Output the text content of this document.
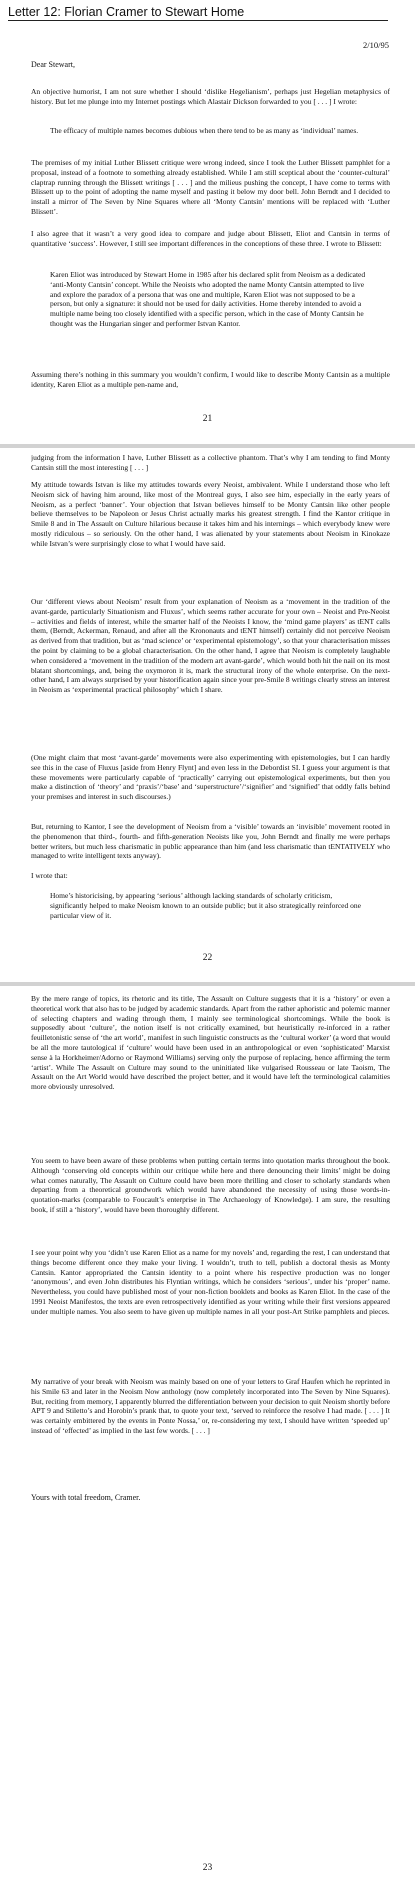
Letter 12: Florian Cramer to Stewart Home
2/10/95

Dear Stewart,

An objective humorist, I am not sure whether I should ‘dislike Hegelianism’, perhaps just Hegelian metaphysics of history. But let me plunge into my Internet postings which Alastair Dickson forwarded to you [ . . . ] I wrote:

The efficacy of multiple names becomes dubious when there tend to be as many as ‘individual’ names.

The premises of my initial Luther Blissett critique were wrong indeed, since I took the Luther Blissett pamphlet for a proposal, instead of a footnote to something already established. While I am still sceptical about the ‘counter-cultural’ claptrap running through the Blissett writings [ . . . ] and the milieus pushing the concept, I have come to terms with Blissett up to the point of adopting the name myself and pasting it below my door bell. John Berndt and I decided to install a mirror of The Seven by Nine Squares where all ‘Monty Cantsin’ mentions will be replaced with ‘Luther Blissett’.

I also agree that it wasn’t a very good idea to compare and judge about Blissett, Eliot and Cantsin in terms of quantitative ‘success’. However, I still see important differences in the conceptions of these three. I wrote to Blissett:

Karen Eliot was introduced by Stewart Home in 1985 after his declared split from Neoism as a dedicated ‘anti-Monty Cantsin’ concept. While the Neoists who adopted the name Monty Cantsin attempted to live and explore the paradox of a persona that was one and multiple, Karen Eliot was not supposed to be a person, but only a signature: it should not be used for daily activities. Home thereby intended to avoid a multiple name being too closely identified with a specific person, which in the case of Monty Cantsin he thought was the Hungarian singer and performer Istvan Kantor.

Assuming there’s nothing in this summary you wouldn’t confirm, I would like to describe Monty Cantsin as a multiple identity, Karen Eliot as a multiple pen-name and,

21

judging from the information I have, Luther Blissett as a collective phantom. That’s why I am tending to find Monty Cantsin still the most interesting [ . . . ]

My attitude towards Istvan is like my attitudes towards every Neoist, ambivalent. While I understand those who left Neoism sick of having him around, like most of the Montreal guys, I also see him, especially in the early years of Neoism, as a perfect ‘banner’. Your objection that Istvan believes himself to be Monty Cantsin like other people believe themselves to be Napoleon or Jesus Christ actually marks his greatest strength. I find the Kantor critique in Smile 8 and in The Assault on Culture hilarious because it takes him and his internings – which everybody knew were mostly ridiculous – so seriously. On the other hand, I was alienated by your statements about Neoism in Kinokaze while Istvan’s were surprisingly close to what I would have said.

Our ‘different views about Neoism’ result from your explanation of Neoism as a ‘movement in the tradition of the avant-garde, particularly Situationism and Fluxus’, which seems rather accurate for your own – Neoist and Pre-Neoist – activities and fields of interest, while the smarter half of the Neoists I know, the ‘mind game players’ as tENT calls them, (Berndt, Ackerman, Renaud, and after all the Krononauts and tENT himself) certainly did not perceive Neoism as derived from that tradition, but as ‘mad science’ or ‘experimental epistemology’, so that your characterisation misses the point by claiming to be a global characterisation. On the other hand, I agree that Neoism is completely laughable when considered a ‘movement in the tradition of the modern art avant-garde’, which would both hit the nail on its most blatant shortcomings, and, being the oxymoron it is, mark the structural irony of the whole enterprise. On the next-other hand, I am always surprised by your historification again since your pre-Smile 8 writings clearly stress an interest in Neoism as ‘experimental practical philosophy’ which I share.

(One might claim that most ‘avant-garde’ movements were also experimenting with epistemologies, but I can hardly see this in the case of Fluxus [aside from Henry Flynt] and even less in the Debordist SI. I guess your argument is that these movements were particularly capable of ‘practically’ carrying out epistemological experiments, but then you make a distinction of ‘theory’ and ‘praxis’/‘base’ and ‘superstructure’/‘signifier’ and ‘signified’ that oddly falls behind your premises and interest in such discourses.)

But, returning to Kantor, I see the development of Neoism from a ‘visible’ towards an ‘invisible’ movement rooted in the phenomenon that third-, fourth- and fifth-generation Neoists like you, John Berndt and finally me were perhaps better writers, but much less charismatic in public appearance than him (and less charismatic than tENTATIVELY who managed to write intelligent texts anyway).

I wrote that:

Home’s historicising, by appearing ‘serious’ although lacking standards of scholarly criticism, significantly helped to make Neoism known to an outside public; but it also strategically reinforced one particular view of it.

22

By the mere range of topics, its rhetoric and its title, The Assault on Culture suggests that it is a ‘history’ or even a theoretical work that also has to be judged by academic standards. Apart from the rather aphoristic and polemic manner of selecting chapters and wading through them, I mainly see terminological shortcomings. While the book is supposedly about ‘culture’, the notion itself is not critically examined, but heuristically re-inforced in a rather feuilletonistic sense of ‘the art world’, manifest in such linguistic constructs as the ‘cultural worker’ (a word that would be all the more tautological if ‘culture’ would have been used in an anthropological or even ‘sophisticated’ Marxist sense à la Horkheimer/Adorno or Raymond Williams) serving only the purpose of replacing, hence affirming the term ‘artist’. While The Assault on Culture may sound to the uninitiated like vulgarised Rousseau or late Taoism, The Assault on the Art World would have described the project better, and it would have left the terminological calamities more obviously unresolved.

You seem to have been aware of these problems when putting certain terms into quotation marks throughout the book. Although ‘conserving old concepts within our critique while here and there denouncing their limits’ might be doing what comes naturally, The Assault on Culture could have been more thrilling and closer to scholarly standards when departing from a theoretical groundwork which would have abandoned the necessity of using those words-in-quotation-marks (comparable to Foucault’s enterprise in The Archaeology of Knowledge). I am sure, the resulting book, if still a ‘history’, would have been thoroughly different.

I see your point why you ‘didn’t use Karen Eliot as a name for my novels’ and, regarding the rest, I can understand that things become different once they make your living. I wouldn’t, truth to tell, publish a doctoral thesis as Monty Cantsin. Kantor appropriated the Cantsin identity to a point where his respective production was no longer ‘anonymous’, and even John distributes his Flyntian writings, which he considers ‘serious’, under his ‘proper’ name. Nevertheless, you could have published most of your non-fiction booklets and books as Karen Eliot. In the case of the 1991 Neoist Manifestos, the texts are even retrospectively identified as your writing while their first versions appeared under multiple names. You also seem to have given up multiple names in all your post-Art Strike pamphlets and pieces.

My narrative of your break with Neoism was mainly based on one of your letters to Graf Haufen which he reprinted in his Smile 63 and later in the Neoism Now anthology (now completely incorporated into The Seven by Nine Squares). But, reciting from memory, I apparently blurred the differentiation between your decision to quit Neoism shortly before APT 9 and Stiletto’s and Horobin’s prank that, to quote your text, ‘served to reinforce the resolve I had made. [ . . . ] It was certainly embittered by the events in Ponte Nossa,’ or, re-considering my text, I should have written ‘speeded up’ instead of ‘effected’ as implied in the last few words. [ . . . ]

Yours with total freedom, Cramer.

23
